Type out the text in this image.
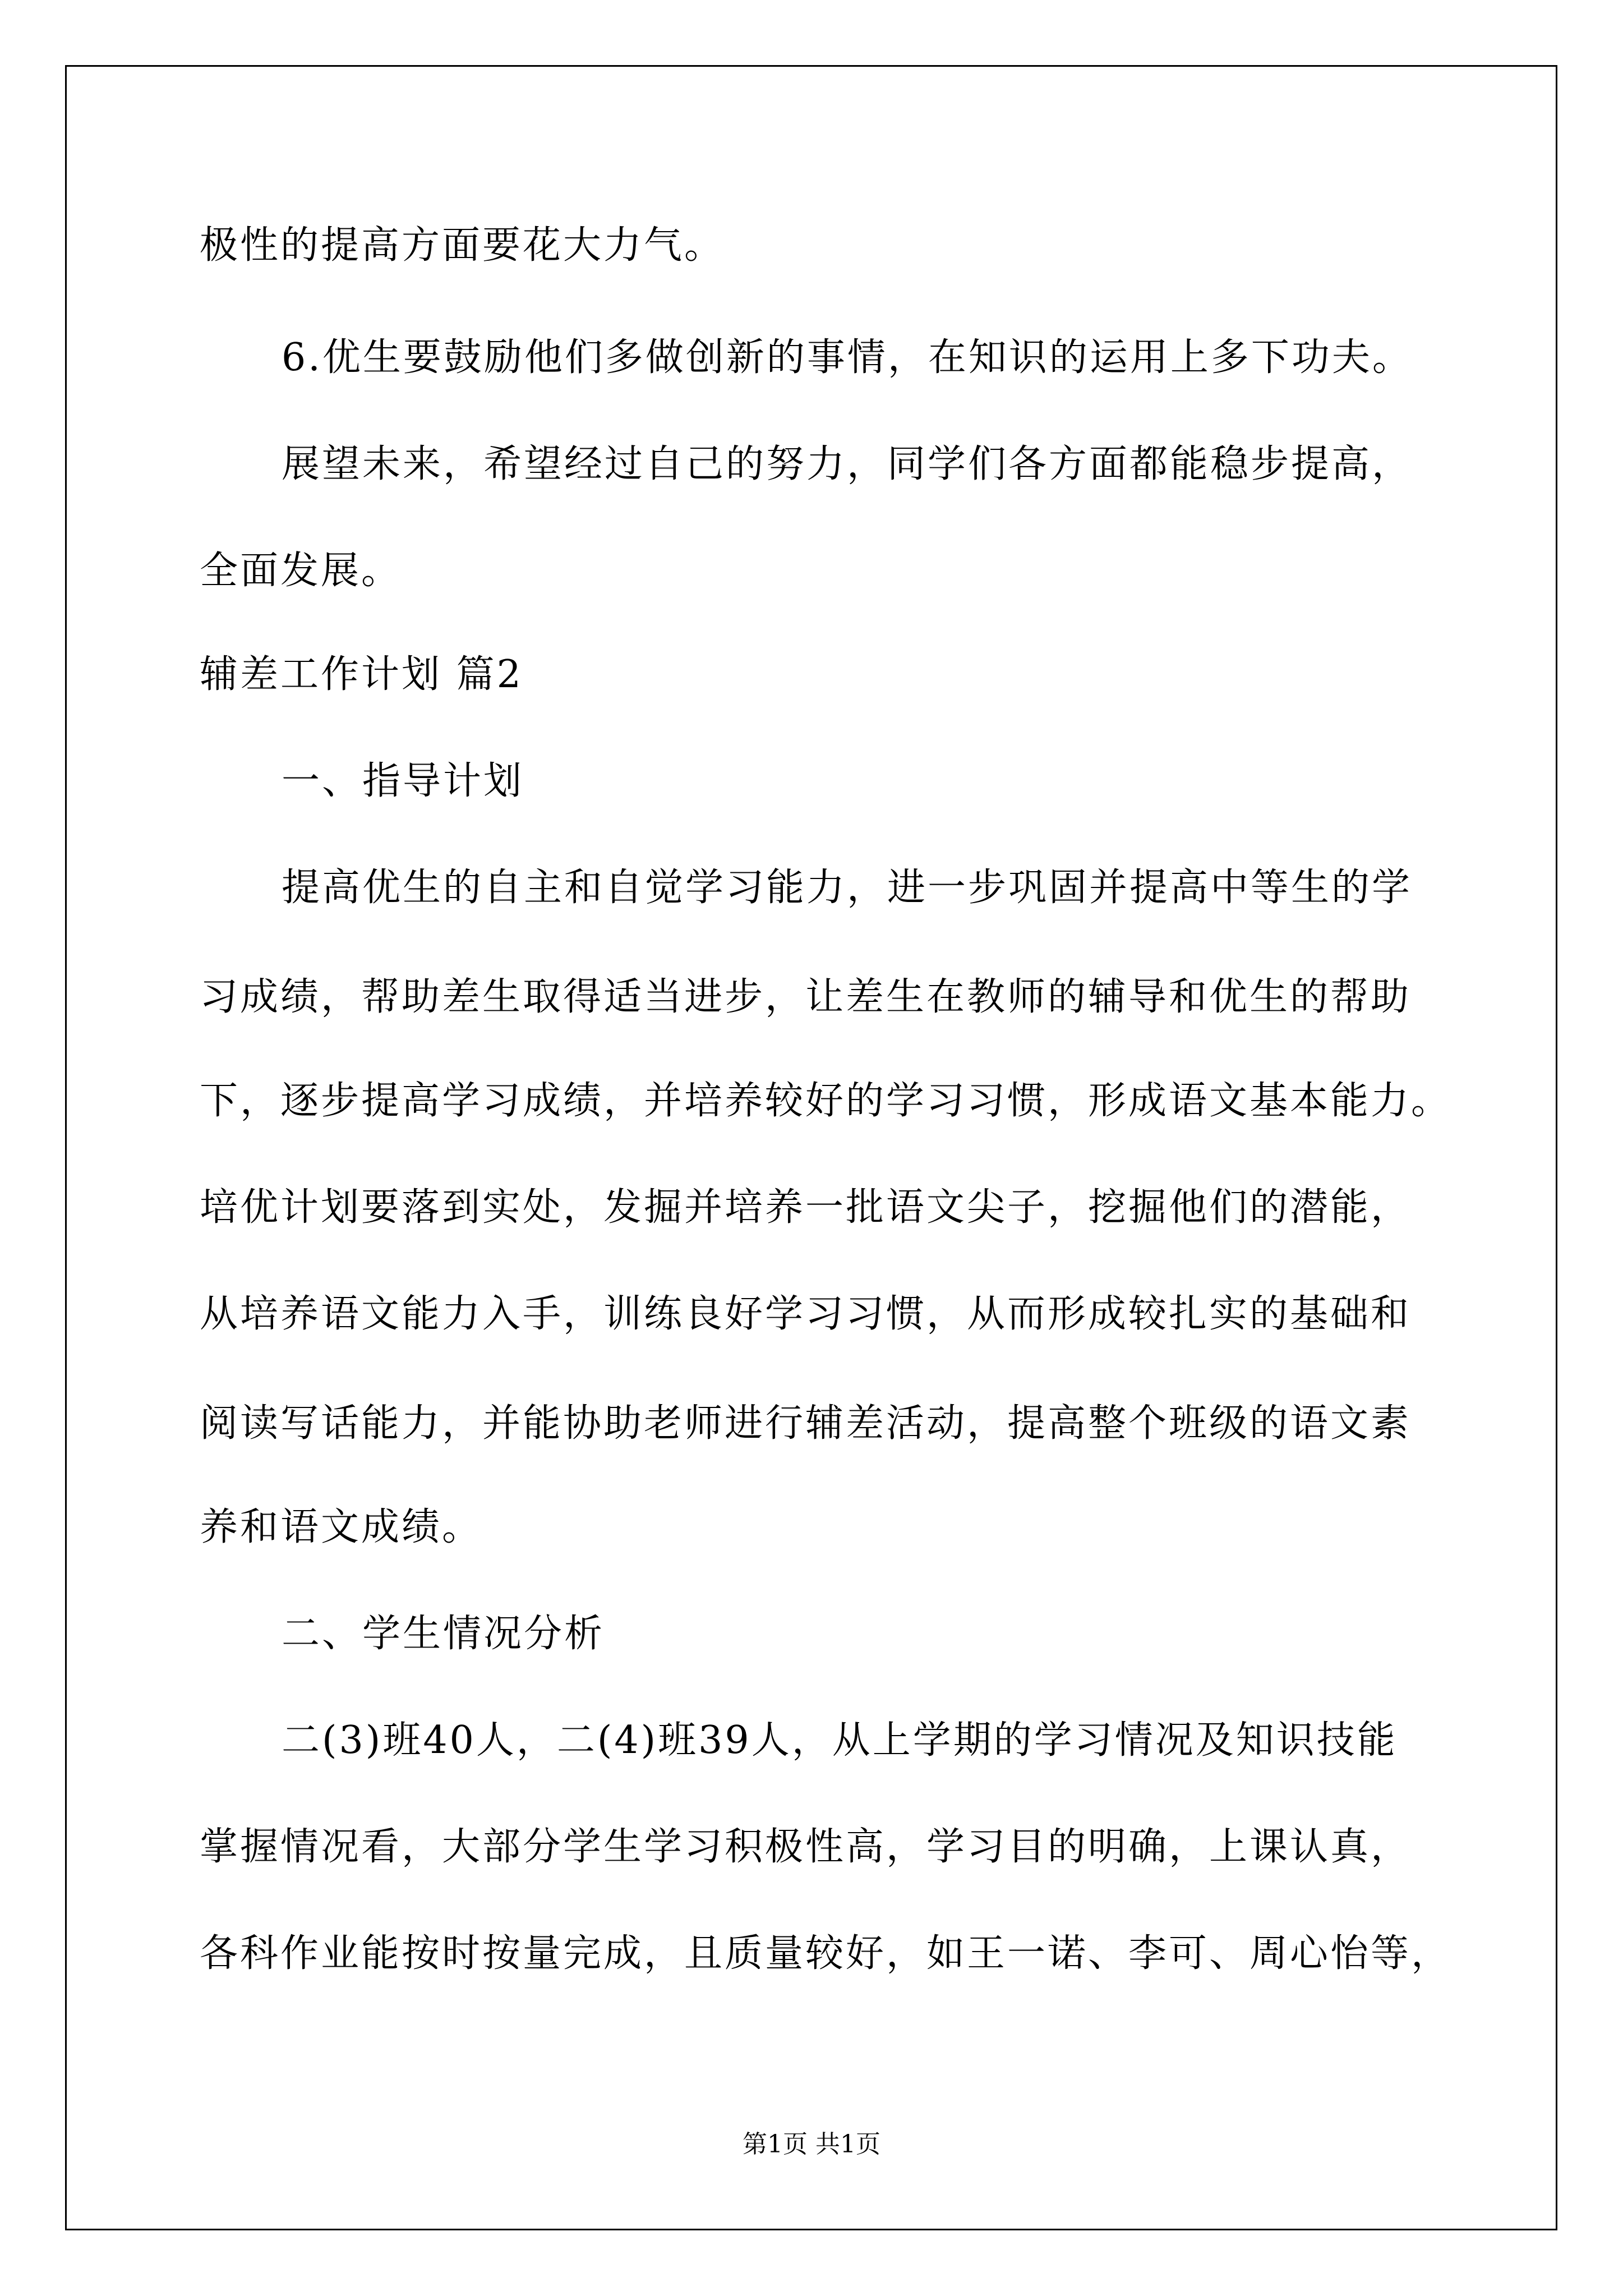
极性的提高方面要花大力气。
6.优生要鼓励他们多做创新的事情，在知识的运用上多下功夫。
展望未来，希望经过自己的努力，同学们各方面都能稳步提高，
全面发展。
辅差工作计划 篇2
一、指导计划
提高优生的自主和自觉学习能力，进一步巩固并提高中等生的学
习成绩，帮助差生取得适当进步，让差生在教师的辅导和优生的帮助
下，逐步提高学习成绩，并培养较好的学习习惯，形成语文基本能力。
培优计划要落到实处，发掘并培养一批语文尖子，挖掘他们的潜能，
从培养语文能力入手，训练良好学习习惯，从而形成较扎实的基础和
阅读写话能力，并能协助老师进行辅差活动，提高整个班级的语文素
养和语文成绩。
二、学生情况分析
二(3)班40人，二(4)班39人，从上学期的学习情况及知识技能
掌握情况看，大部分学生学习积极性高，学习目的明确，上课认真，
各科作业能按时按量完成，且质量较好，如王一诺、李可、周心怡等，
第1页 共1页
